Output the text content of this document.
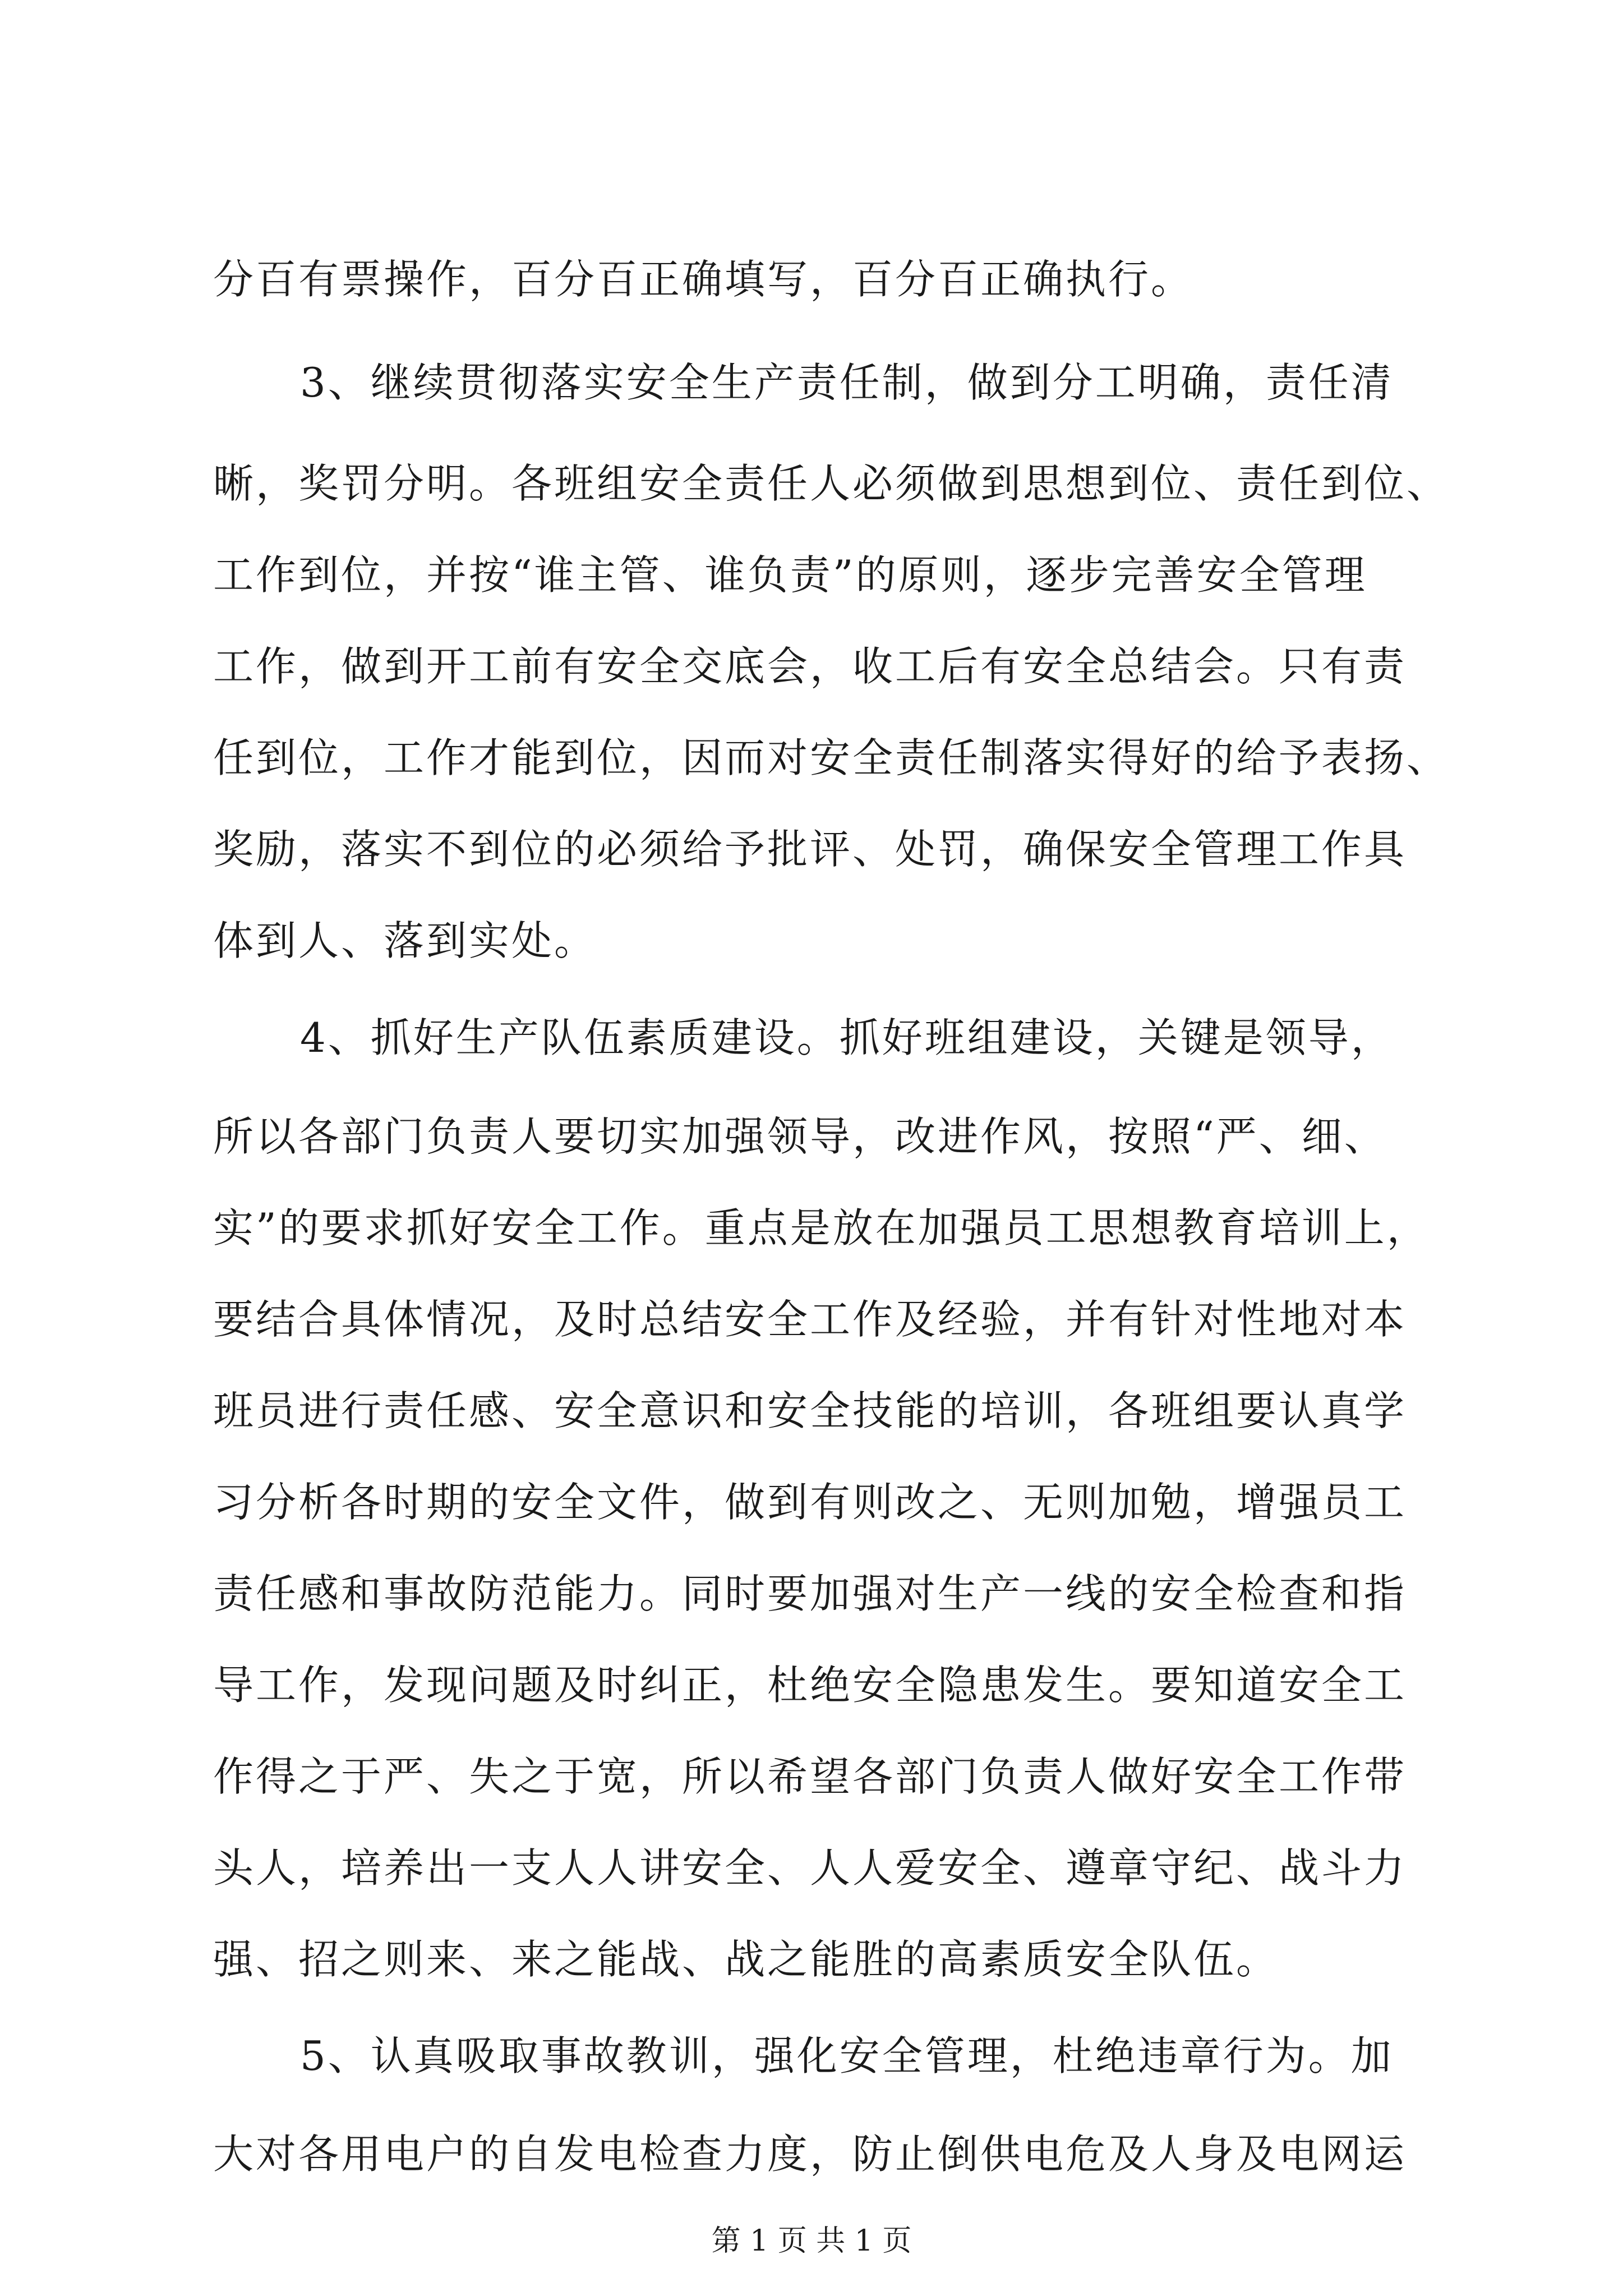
分百有票操作，百分百正确填写，百分百正确执行。
3、继续贯彻落实安全生产责任制，做到分工明确，责任清
晰，奖罚分明。各班组安全责任人必须做到思想到位、责任到位、
工作到位，并按“谁主管、谁负责”的原则，逐步完善安全管理
工作，做到开工前有安全交底会，收工后有安全总结会。只有责
任到位，工作才能到位，因而对安全责任制落实得好的给予表扬、
奖励，落实不到位的必须给予批评、处罚，确保安全管理工作具
体到人、落到实处。
4、抓好生产队伍素质建设。抓好班组建设，关键是领导，
所以各部门负责人要切实加强领导，改进作风，按照“严、细、
实”的要求抓好安全工作。重点是放在加强员工思想教育培训上，
要结合具体情况，及时总结安全工作及经验，并有针对性地对本
班员进行责任感、安全意识和安全技能的培训，各班组要认真学
习分析各时期的安全文件，做到有则改之、无则加勉，增强员工
责任感和事故防范能力。同时要加强对生产一线的安全检查和指
导工作，发现问题及时纠正，杜绝安全隐患发生。要知道安全工
作得之于严、失之于宽，所以希望各部门负责人做好安全工作带
头人，培养出一支人人讲安全、人人爱安全、遵章守纪、战斗力
强、招之则来、来之能战、战之能胜的高素质安全队伍。
5、认真吸取事故教训，强化安全管理，杜绝违章行为。加
大对各用电户的自发电检查力度，防止倒供电危及人身及电网运
第 1 页 共 1 页
